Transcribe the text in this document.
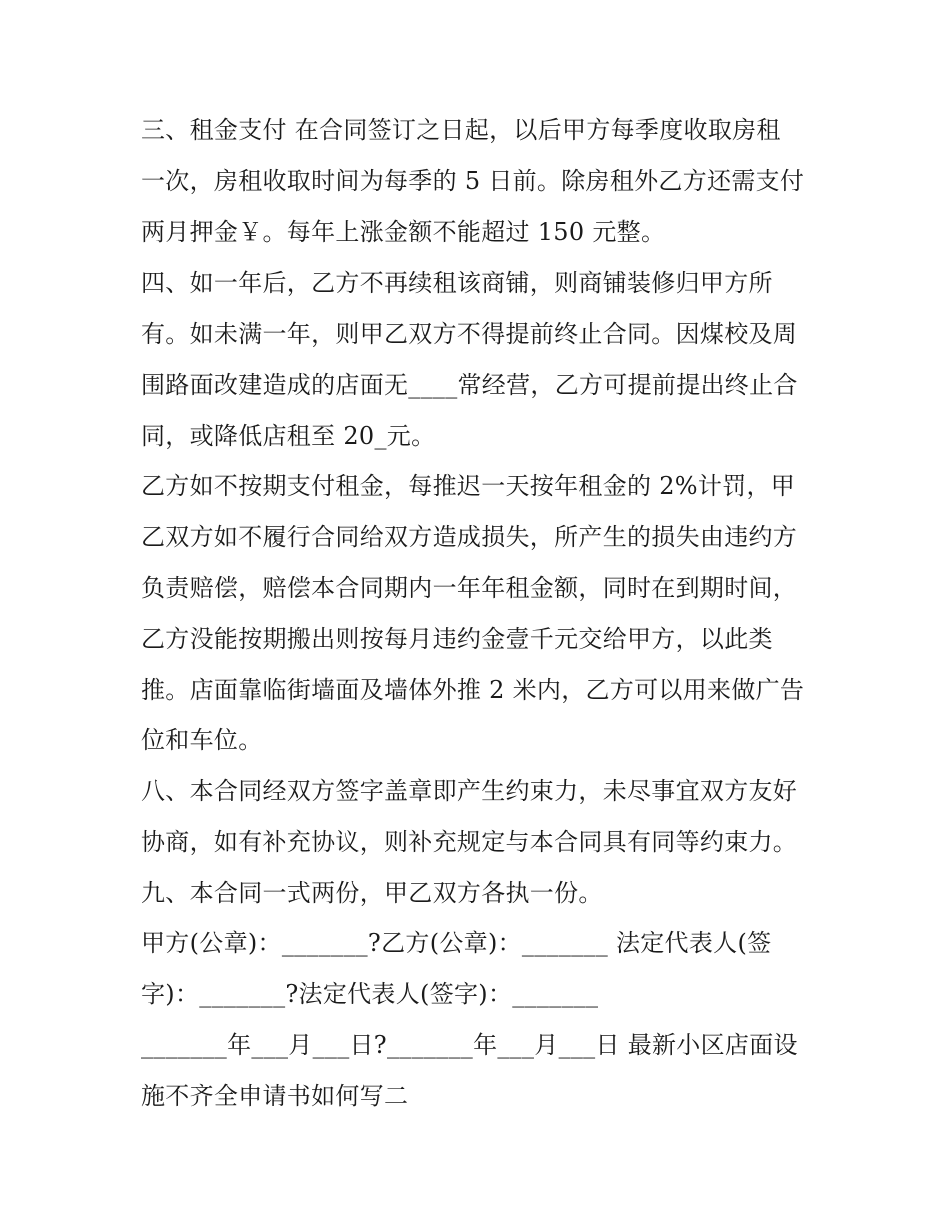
三、租金支付 在合同签订之日起，以后甲方每季度收取房租
一次，房租收取时间为每季的 5 日前。除房租外乙方还需支付
两月押金￥。每年上涨金额不能超过 150 元整。
四、如一年后，乙方不再续租该商铺，则商铺装修归甲方所
有。如未满一年，则甲乙双方不得提前终止合同。因煤校及周
围路面改建造成的店面无____常经营，乙方可提前提出终止合
同，或降低店租至 20_元。
乙方如不按期支付租金，每推迟一天按年租金的 2%计罚，甲
乙双方如不履行合同给双方造成损失，所产生的损失由违约方
负责赔偿，赔偿本合同期内一年年租金额，同时在到期时间，
乙方没能按期搬出则按每月违约金壹千元交给甲方，以此类
推。店面靠临街墙面及墙体外推 2 米内，乙方可以用来做广告
位和车位。
八、本合同经双方签字盖章即产生约束力，未尽事宜双方友好
协商，如有补充协议，则补充规定与本合同具有同等约束力。
九、本合同一式两份，甲乙双方各执一份。
甲方(公章)：_______?乙方(公章)：_______ 法定代表人(签
字)：_______?法定代表人(签字)：_______
_______年___月___日?_______年___月___日 最新小区店面设
施不齐全申请书如何写二
